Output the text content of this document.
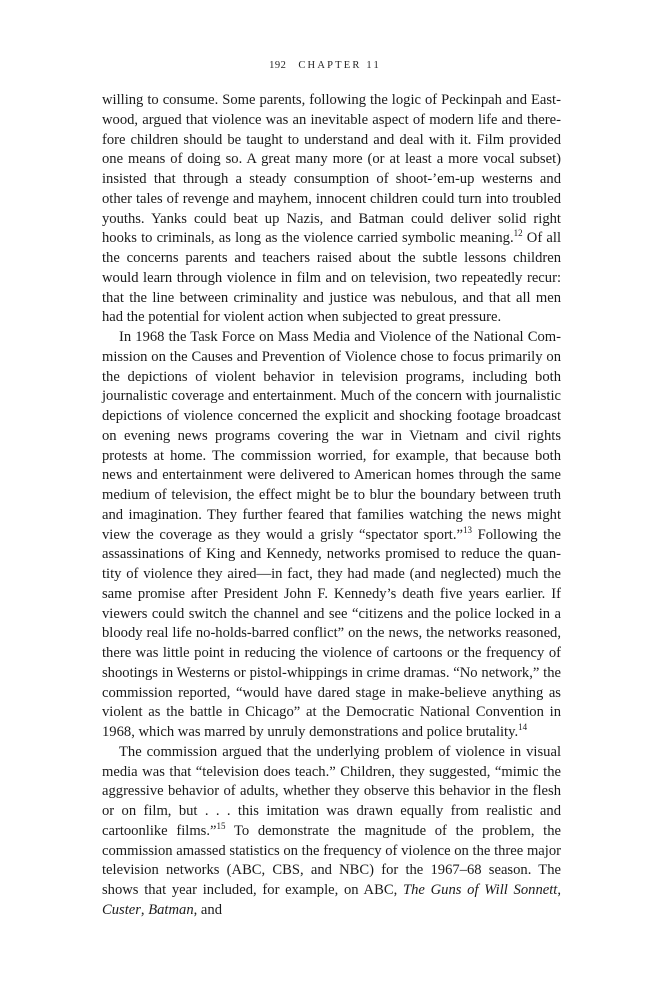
192 CHAPTER 11

willing to consume. Some parents, following the logic of Peckinpah and Eastwood, argued that violence was an inevitable aspect of modern life and therefore children should be taught to understand and deal with it. Film provided one means of doing so. A great many more (or at least a more vocal subset) insisted that through a steady consumption of shoot-’em-up westerns and other tales of revenge and mayhem, innocent children could turn into troubled youths. Yanks could beat up Nazis, and Batman could deliver solid right hooks to criminals, as long as the violence carried symbolic meaning.$^{12}$ Of all the concerns parents and teachers raised about the subtle lessons children would learn through violence in film and on television, two repeatedly recur: that the line between criminality and justice was nebulous, and that all men had the potential for violent action when subjected to great pressure.

In 1968 the Task Force on Mass Media and Violence of the National Commission on the Causes and Prevention of Violence chose to focus primarily on the depictions of violent behavior in television programs, including both journalistic coverage and entertainment. Much of the concern with journalistic depictions of violence concerned the explicit and shocking footage broadcast on evening news programs covering the war in Vietnam and civil rights protests at home. The commission worried, for example, that because both news and entertainment were delivered to American homes through the same medium of television, the effect might be to blur the boundary between truth and imagination. They further feared that families watching the news might view the coverage as they would a grisly “spectator sport.”$^{13}$ Following the assassinations of King and Kennedy, networks promised to reduce the quantity of violence they aired—in fact, they had made (and neglected) much the same promise after President John F. Kennedy’s death five years earlier. If viewers could switch the channel and see “citizens and the police locked in a bloody real life no-holds-barred conflict” on the news, the networks reasoned, there was little point in reducing the violence of cartoons or the frequency of shootings in Westerns or pistol-whippings in crime dramas. “No network,” the commission reported, “would have dared stage in make-believe anything as violent as the battle in Chicago” at the Democratic National Convention in 1968, which was marred by unruly demonstrations and police brutality.$^{14}$

The commission argued that the underlying problem of violence in visual media was that “television does teach.” Children, they suggested, “mimic the aggressive behavior of adults, whether they observe this behavior in the flesh or on film, but . . . this imitation was drawn equally from realistic and cartoonlike films.”$^{15}$ To demonstrate the magnitude of the problem, the commission amassed statistics on the frequency of violence on the three major television networks (ABC, CBS, and NBC) for the 1967–68 season. The shows that year included, for example, on ABC, The Guns of Will Sonnett, Custer, Batman, and
